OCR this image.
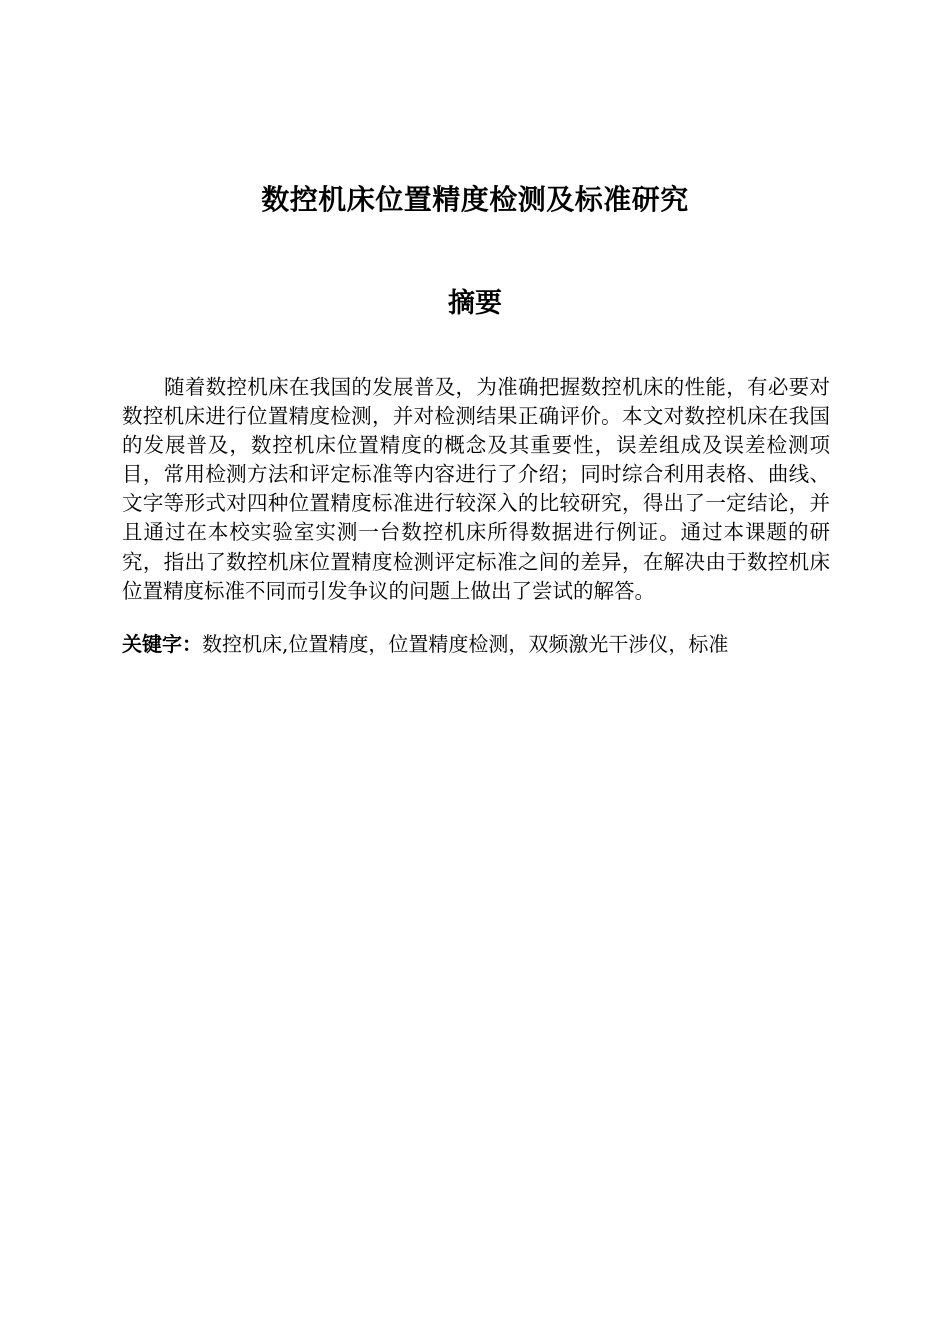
数控机床位置精度检测及标准研究
摘要

随着数控机床在我国的发展普及，为准确把握数控机床的性能，有必要对数控机床进行位置精度检测，并对检测结果正确评价。本文对数控机床在我国的发展普及，数控机床位置精度的概念及其重要性，误差组成及误差检测项目，常用检测方法和评定标准等内容进行了介绍；同时综合利用表格、曲线、文字等形式对四种位置精度标准进行较深入的比较研究，得出了一定结论，并且通过在本校实验室实测一台数控机床所得数据进行例证。通过本课题的研究，指出了数控机床位置精度检测评定标准之间的差异，在解决由于数控机床位置精度标准不同而引发争议的问题上做出了尝试的解答。

关键字：数控机床,位置精度，位置精度检测，双频激光干涉仪，标准
